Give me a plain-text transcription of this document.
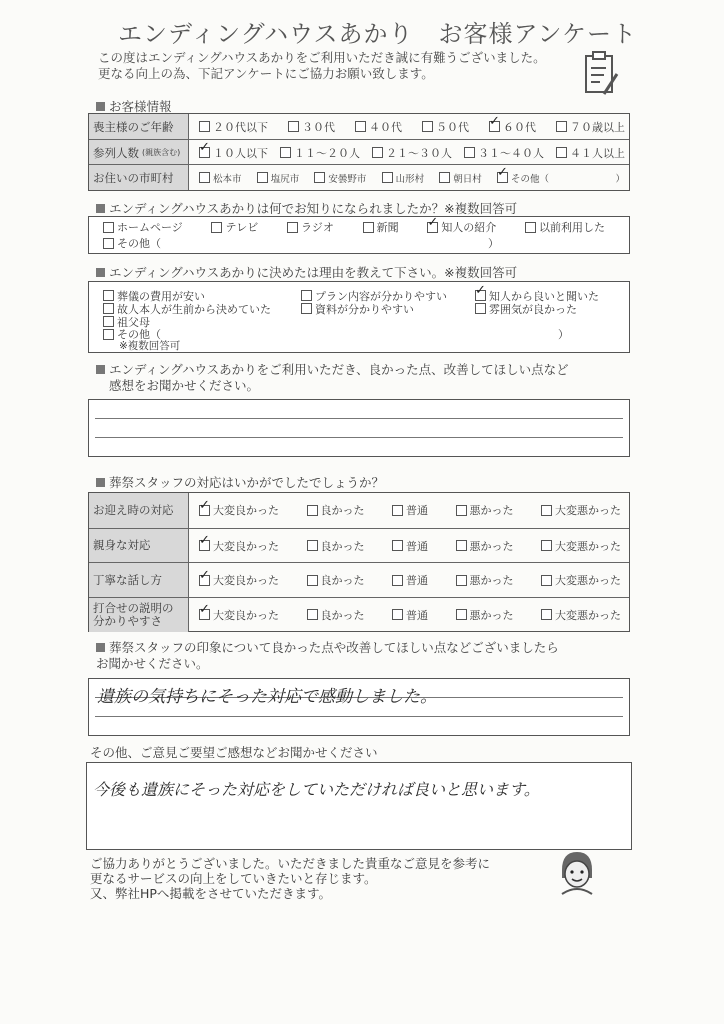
エンディングハウスあかり　お客様アンケート
この度はエンディングハウスあかりをご利用いただき誠に有難うございました。
更なる向上の為、下記アンケートにご協力お願い致します。
お客様情報
喪主様のご年齢	２０代以下	３０代	４０代	５０代 ✓	６０代	７０歳以上
参列人数 (親族含む) ✓	１０人以下 １１～２０人 ２１～３０人 ３１～４０人 ４１人以上
お住いの市町村	松本市	塩尻市	安曇野市	山形村	朝日村 ✓	その他（　　　　　　　）
エンディングハウスあかりは何でお知りになられましたか？※複数回答可
ホームページ	テレビ	ラジオ	新聞 ✓	知人の紹介	以前利用した
その他（	）
エンディングハウスあかりに決めたは理由を教えて下さい。※複数回答可
葬儀の費用が安い	プラン内容が分かりやすい ✓	知人から良いと聞いた
故人本人が生前から決めていた	資料が分かりやすい	雰囲気が良かった
祖父母
その他（	）
※複数回答可
エンディングハウスあかりをご利用いただき、良かった点、改善してほしい点など
感想をお聞かせください。
葬祭スタッフの対応はいかがでしたでしょうか？
お迎え時の対応 ✓	大変良かった	良かった	普通	悪かった	大変悪かった
親身な対応 ✓	大変良かった	良かった	普通	悪かった	大変悪かった
丁寧な話し方 ✓	大変良かった	良かった	普通	悪かった	大変悪かった
打合せの説明の
分かりやすさ ✓	大変良かった	良かった	普通	悪かった	大変悪かった
葬祭スタッフの印象について良かった点や改善してほしい点などございましたら
お聞かせください。
遺族の気持ちにそった対応で感動しました。
その他、ご意見ご要望ご感想などお聞かせください
今後も遺族にそった対応をしていただければ良いと思います。
ご協力ありがとうございました。いただきました貴重なご意見を参考に
更なるサービスの向上をしていきたいと存じます。
又、弊社HPへ掲載をさせていただきます。
